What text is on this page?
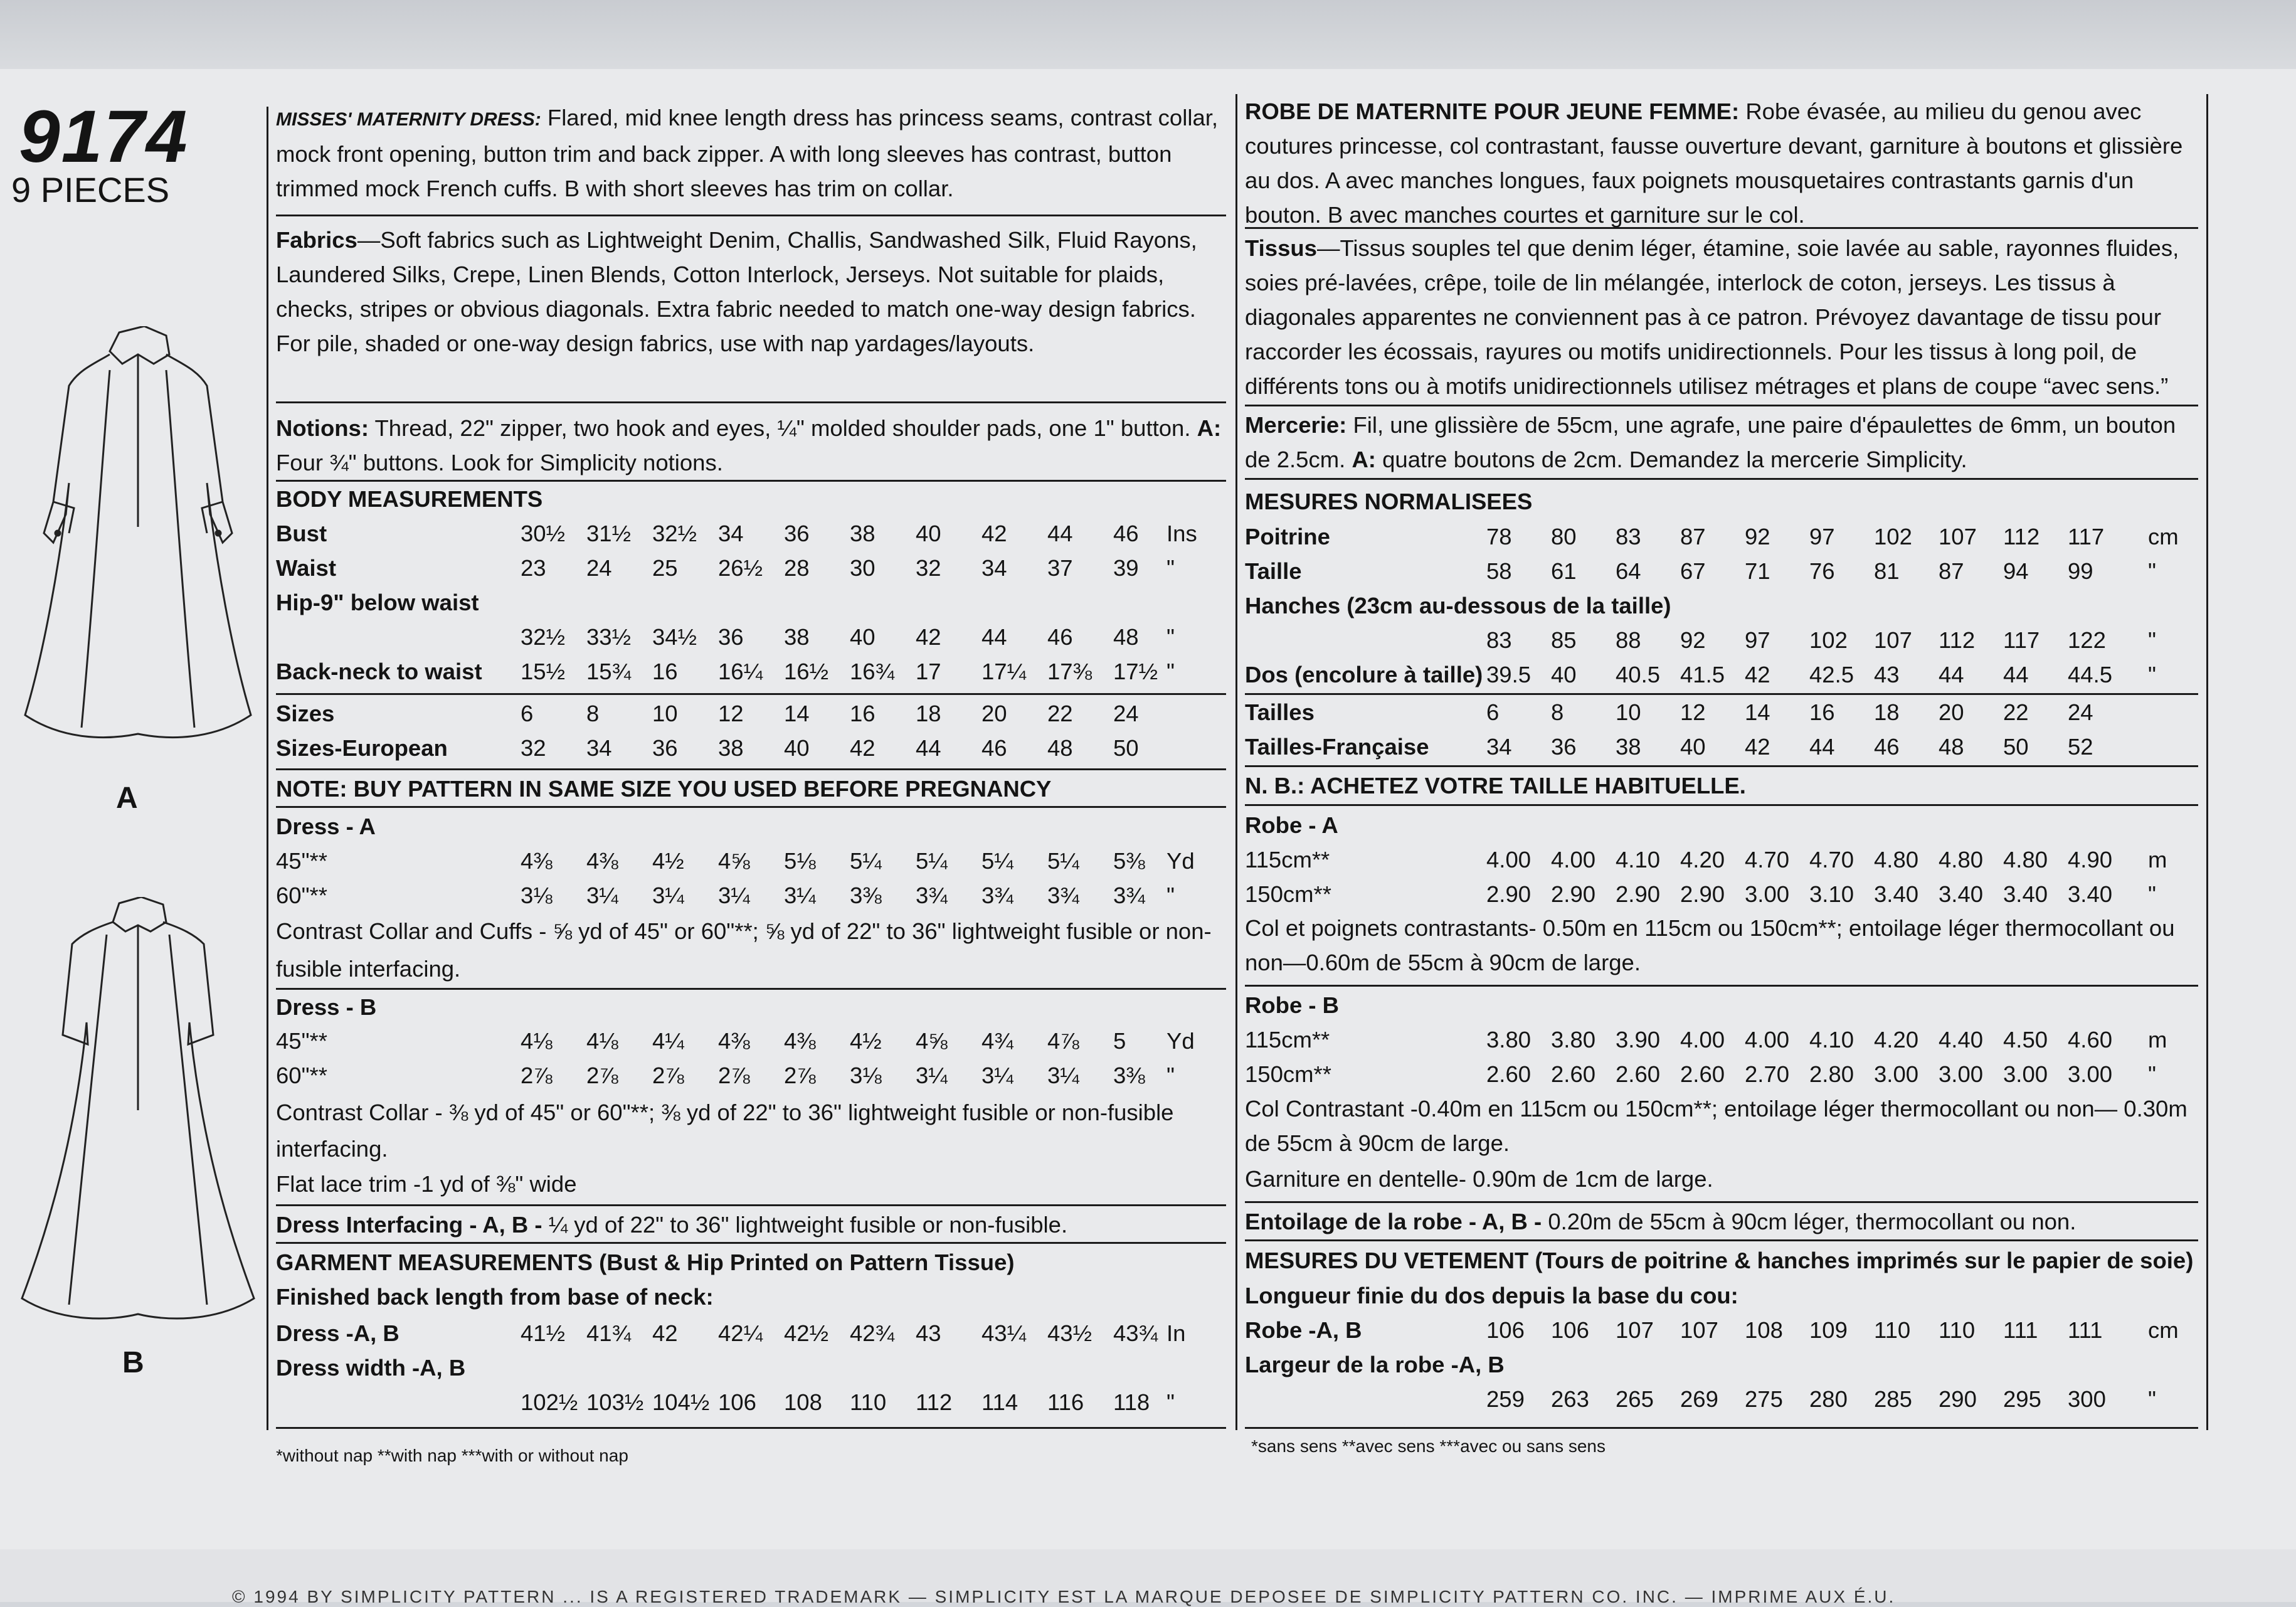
9174
9 PIECES
A
B
MISSES' MATERNITY DRESS: Flared, mid knee length dress has princess seams, contrast collar, mock front opening, button trim and back zipper. A with long sleeves has contrast, button trimmed mock French cuffs. B with short sleeves has trim on collar.
Fabrics—Soft fabrics such as Lightweight Denim, Challis, Sandwashed Silk, Fluid Rayons, Laundered Silks, Crepe, Linen Blends, Cotton Interlock, Jerseys. Not suitable for plaids, checks, stripes or obvious diagonals. Extra fabric needed to match one-way design fabrics. For pile, shaded or one-way design fabrics, use with nap yardages/layouts.
Notions: Thread, 22" zipper, two hook and eyes, ¼" molded shoulder pads, one 1" button. A: Four ¾" buttons. Look for Simplicity notions.
BODY MEASUREMENTS
Bust	30½ 31½ 32½ 34 36 38 40 42 44 46 Ins
Waist	23 24 25 26½ 28 30 32 34 37 39 "
Hip-9" below waist
32½ 33½ 34½ 36 38 40 42 44 46 48 "
Back-neck to waist 15½ 15¾ 16 16¼ 16½ 16¾ 17 17¼ 17⅜ 17½ "
Sizes	6 8 10 12 14 16 18 20 22 24
Sizes-European	32 34 36 38 40 42 44 46 48 50
NOTE: BUY PATTERN IN SAME SIZE YOU USED BEFORE PREGNANCY
Dress - A
45"**	4⅜ 4⅜ 4½ 4⅝ 5⅛ 5¼ 5¼ 5¼ 5¼ 5⅜ Yd
60"**	3⅛ 3¼ 3¼ 3¼ 3¼ 3⅜ 3¾ 3¾ 3¾ 3¾ "
Contrast Collar and Cuffs - ⅝ yd of 45" or 60"**; ⅝ yd of 22" to 36" lightweight fusible or non-fusible interfacing.
Dress - B
45"**	4⅛ 4⅛ 4¼ 4⅜ 4⅜ 4½ 4⅝ 4¾ 4⅞ 5 Yd
60"**	2⅞ 2⅞ 2⅞ 2⅞ 2⅞ 3⅛ 3¼ 3¼ 3¼ 3⅜ "
Contrast Collar - ⅜ yd of 45" or 60"**; ⅜ yd of 22" to 36" lightweight fusible or non-fusible interfacing.
Flat lace trim -1 yd of ⅜" wide
Dress Interfacing - A, B - ¼ yd of 22" to 36" lightweight fusible or non-fusible.
GARMENT MEASUREMENTS (Bust & Hip Printed on Pattern Tissue)
Finished back length from base of neck:
Dress -A, B	41½ 41¾ 42 42¼ 42½ 42¾ 43 43¼ 43½ 43¾ In
Dress width -A, B
102½ 103½ 104½ 106 108 110 112 114 116 118 "
*without nap **with nap ***with or without nap
ROBE DE MATERNITE POUR JEUNE FEMME: Robe évasée, au milieu du genou avec coutures princesse, col contrastant, fausse ouverture devant, garniture à boutons et glissière au dos. A avec manches longues, faux poignets mousquetaires contrastants garnis d'un bouton. B avec manches courtes et garniture sur le col.
Tissus—Tissus souples tel que denim léger, étamine, soie lavée au sable, rayonnes fluides, soies pré-lavées, crêpe, toile de lin mélangée, interlock de coton, jerseys. Les tissus à diagonales apparentes ne conviennent pas à ce patron. Prévoyez davantage de tissu pour raccorder les écossais, rayures ou motifs unidirectionnels. Pour les tissus à long poil, de différents tons ou à motifs unidirectionnels utilisez métrages et plans de coupe “avec sens.”
Mercerie: Fil, une glissière de 55cm, une agrafe, une paire d'épaulettes de 6mm, un bouton de 2.5cm. A: quatre boutons de 2cm. Demandez la mercerie Simplicity.
MESURES NORMALISEES
Poitrine	78 80 83 87 92 97 102 107 112 117 cm
Taille	58 61 64 67 71 76 81 87 94 99 "
Hanches (23cm au-dessous de la taille)
83 85 88 92 97 102 107 112 117 122 "
Dos (encolure à taille) 39.5 40 40.5 41.5 42 42.5 43 44 44 44.5 "
Tailles	6 8 10 12 14 16 18 20 22 24
Tailles-Française	34 36 38 40 42 44 46 48 50 52
N. B.: ACHETEZ VOTRE TAILLE HABITUELLE.
Robe - A
115cm**	4.00 4.00 4.10 4.20 4.70 4.70 4.80 4.80 4.80 4.90 m
150cm**	2.90 2.90 2.90 2.90 3.00 3.10 3.40 3.40 3.40 3.40 "
Col et poignets contrastants- 0.50m en 115cm ou 150cm**; entoilage léger thermocollant ou non—0.60m de 55cm à 90cm de large.
Robe - B
115cm**	3.80 3.80 3.90 4.00 4.00 4.10 4.20 4.40 4.50 4.60 m
150cm**	2.60 2.60 2.60 2.60 2.70 2.80 3.00 3.00 3.00 3.00 "
Col Contrastant -0.40m en 115cm ou 150cm**; entoilage léger thermocollant ou non— 0.30m de 55cm à 90cm de large.
Garniture en dentelle- 0.90m de 1cm de large.
Entoilage de la robe - A, B - 0.20m de 55cm à 90cm léger, thermocollant ou non.
MESURES DU VETEMENT (Tours de poitrine & hanches imprimés sur le papier de soie)
Longueur finie du dos depuis la base du cou:
Robe -A, B	106 106 107 107 108 109 110 110 111 111 cm
Largeur de la robe -A, B
259 263 265 269 275 280 285 290 295 300 "
*sans sens **avec sens ***avec ou sans sens
© 1994 BY SIMPLICITY PATTERN ... IS A REGISTERED TRADEMARK — SIMPLICITY EST LA MARQUE DEPOSEE DE SIMPLICITY PATTERN CO. INC. — IMPRIME AUX É.U.
